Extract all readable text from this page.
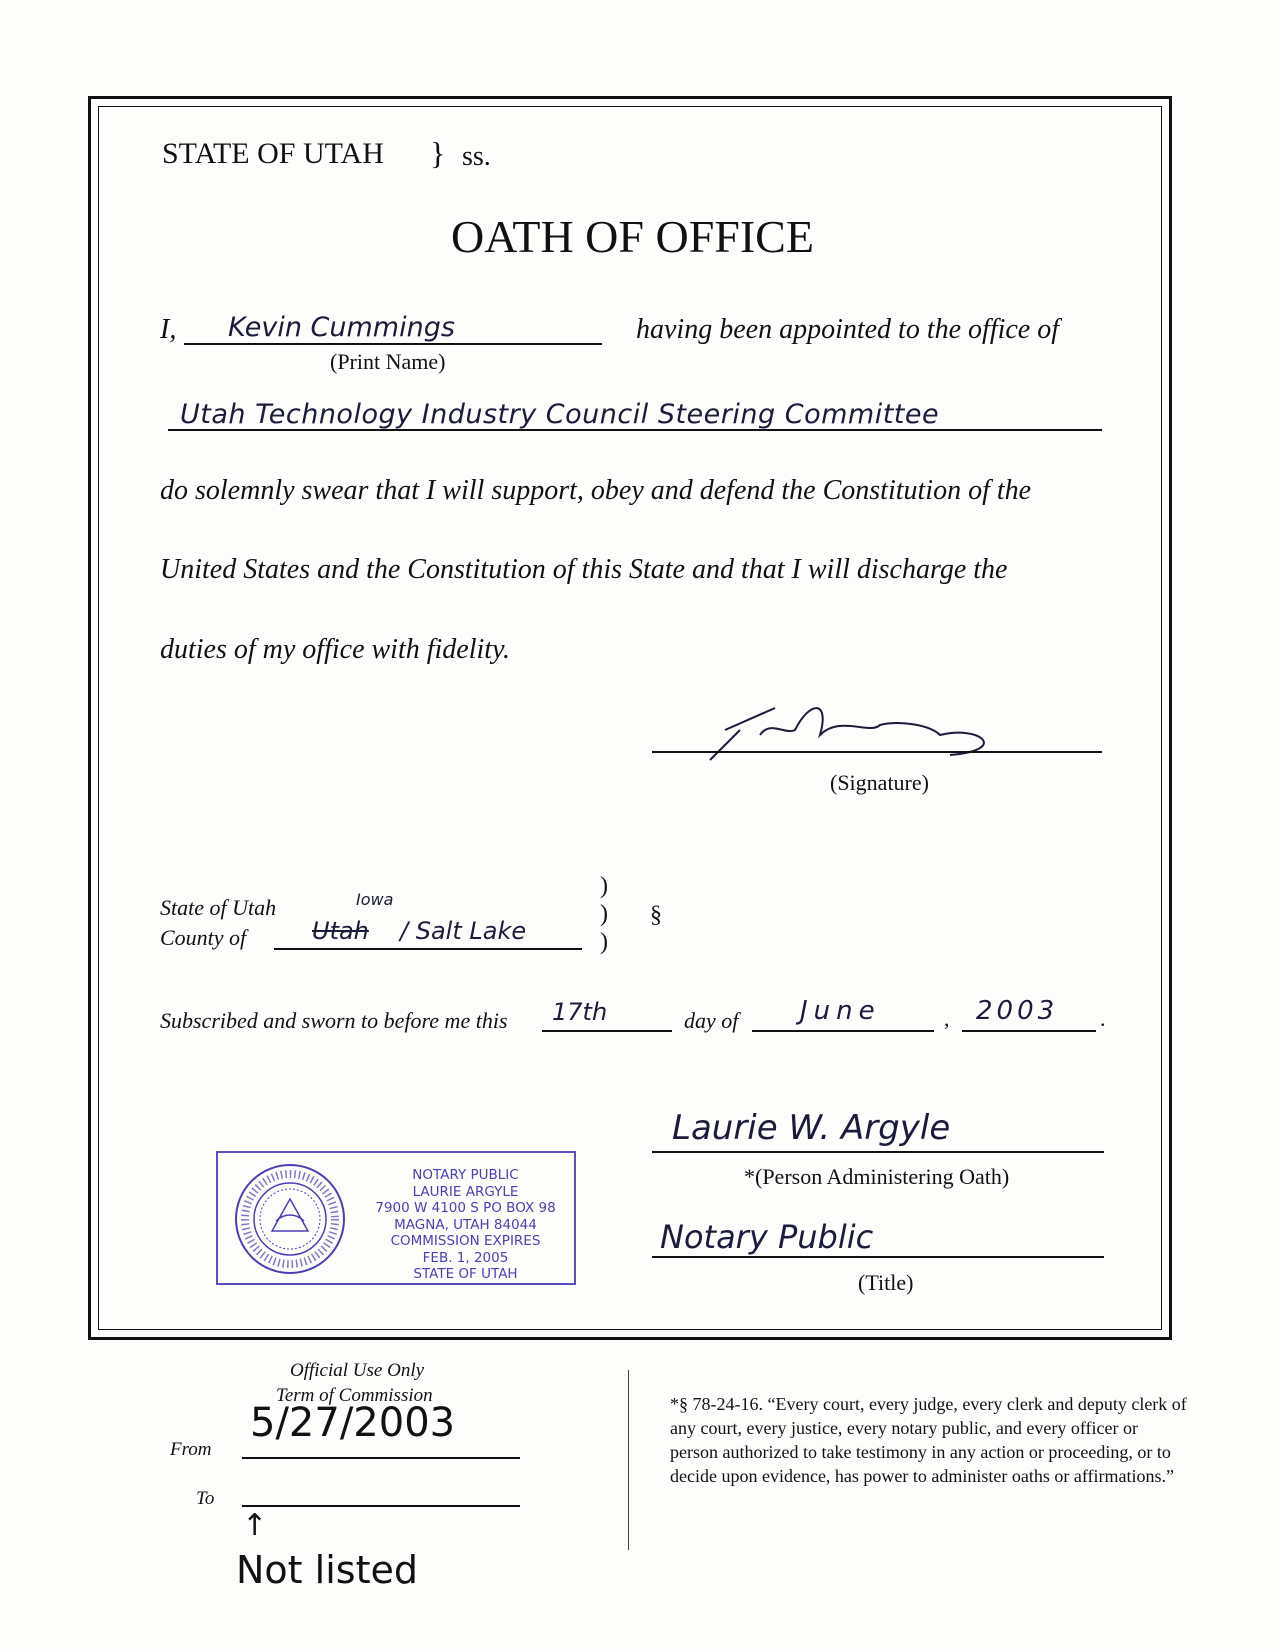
STATE OF UTAH } ss.
OATH OF OFFICE
I, Kevin Cummings
(Print Name)
having been appointed to the office of
Utah Technology Industry Council Steering Committee
do solemnly swear that I will support, obey and defend the Constitution of the
United States and the Constitution of this State and that I will discharge the
duties of my office with fidelity.
(Signature)
State of Utah
County of	Utah
Iowa
/ Salt Lake
)
)
)
§
Subscribed and sworn to before me this 17th	day of June	, 2003 .
Laurie W. Argyle
*(Person Administering Oath)
Notary Public
(Title)
NOTARY PUBLIC
LAURIE ARGYLE
7900 W 4100 S PO BOX 98
MAGNA, UTAH 84044
COMMISSION EXPIRES
FEB. 1, 2005
STATE OF UTAH
Official Use Only
Term of Commission
From
5/27/2003
To
↑
Not listed
*§ 78-24-16. “Every court, every judge, every clerk and deputy clerk of any court, every justice, every notary public, and every officer or person authorized to take testimony in any action or proceeding, or to decide upon evidence, has power to administer oaths or affirmations.”
